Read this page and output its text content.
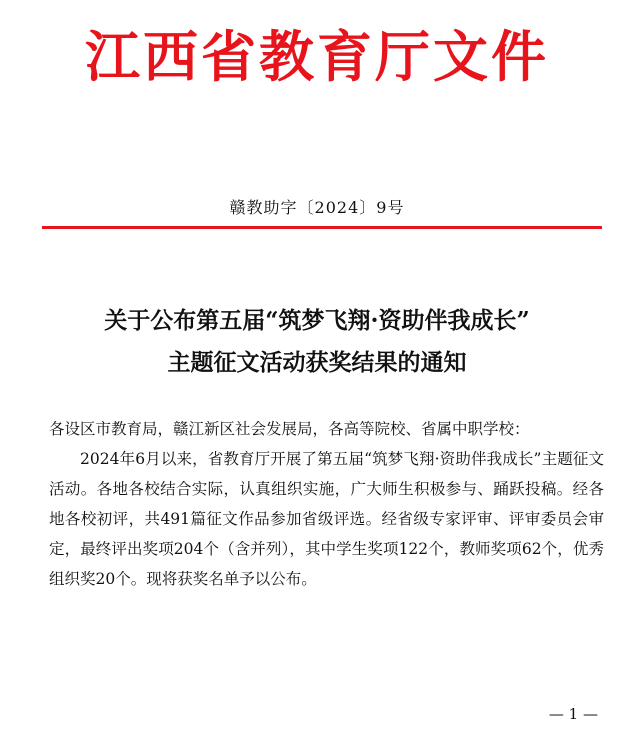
江西省教育厅文件
赣教助字〔2024〕9号
关于公布第五届“筑梦飞翔·资助伴我成长”
主题征文活动获奖结果的通知

各设区市教育局，赣江新区社会发展局，各高等院校、省属中职学校：

2024年6月以来，省教育厅开展了第五届“筑梦飞翔·资助伴我成长”主题征文活动。各地各校结合实际，认真组织实施，广大师生积极参与、踊跃投稿。经各地各校初评，共491篇征文作品参加省级评选。经省级专家评审、评审委员会审定，最终评出奖项204个（含并列），其中学生奖项122个，教师奖项62个，优秀组织奖20个。现将获奖名单予以公布。

— 1 —
